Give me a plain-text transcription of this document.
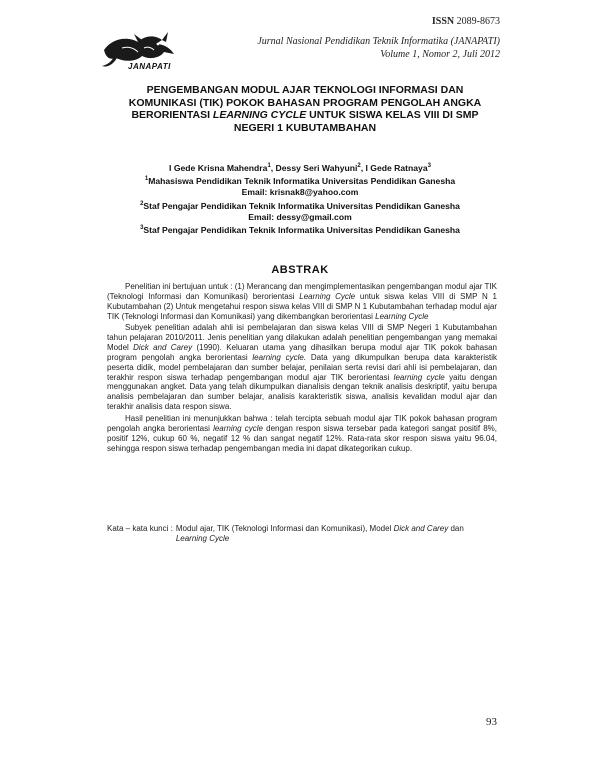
JANAPATI
ISSN 2089-8673
Jurnal Nasional Pendidikan Teknik Informatika (JANAPATI)
Volume 1, Nomor 2, Juli 2012
PENGEMBANGAN MODUL AJAR TEKNOLOGI INFORMASI DAN
KOMUNIKASI (TIK) POKOK BAHASAN PROGRAM PENGOLAH ANGKA
BERORIENTASI LEARNING CYCLE UNTUK SISWA KELAS VIII DI SMP
NEGERI 1 KUBUTAMBAHAN
I Gede Krisna Mahendra$^1$, Dessy Seri Wahyuni$^2$, I Gede Ratnaya$^3$
$^1$Mahasiswa Pendidikan Teknik Informatika Universitas Pendidikan Ganesha
Email: krisnak8@yahoo.com
$^2$Staf Pengajar Pendidikan Teknik Informatika Universitas Pendidikan Ganesha
Email: dessy@gmail.com
$^3$Staf Pengajar Pendidikan Teknik Informatika Universitas Pendidikan Ganesha
ABSTRAK

Penelitian ini bertujuan untuk : (1) Merancang dan mengimplementasikan pengembangan modul ajar TIK (Teknologi Informasi dan Komunikasi) berorientasi Learning Cycle untuk siswa kelas VIII di SMP N 1 Kubutambahan (2) Untuk mengetahui respon siswa kelas VIII di SMP N 1 Kubutambahan terhadap modul ajar TIK (Teknologi Informasi dan Komunikasi) yang dikembangkan berorientasi Learning Cycle

Subyek penelitian adalah ahli isi pembelajaran dan siswa kelas VIII di SMP Negeri 1 Kubutambahan tahun pelajaran 2010/2011. Jenis penelitian yang dilakukan adalah penelitian pengembangan yang memakai Model Dick and Carey (1990). Keluaran utama yang dihasilkan berupa modul ajar TIK pokok bahasan program pengolah angka berorientasi learning cycle. Data yang dikumpulkan berupa data karakteristik peserta didik, model pembelajaran dan sumber belajar, penilaian serta revisi dari ahli isi pembelajaran, dan terakhir respon siswa terhadap pengembangan modul ajar TIK berorientasi learning cycle yaitu dengan menggunakan angket. Data yang telah dikumpulkan dianalisis dengan teknik analisis deskriptif, yaitu berupa analisis pembelajaran dan sumber belajar, analisis karakteristik siswa, analisis kevalidan modul ajar dan terakhir analisis data respon siswa.

Hasil penelitian ini menunjukkan bahwa : telah tercipta sebuah modul ajar TIK pokok bahasan program pengolah angka berorientasi learning cycle dengan respon siswa tersebar pada kategori sangat positif 8%, positif 12%, cukup 60 %, negatif 12 % dan sangat negatif 12%. Rata-rata skor respon siswa yaitu 96.04, sehingga respon siswa terhadap pengembangan media ini dapat dikategorikan cukup.

Kata – kata kunci : Modul ajar, TIK (Teknologi Informasi dan Komunikasi), Model Dick and Carey dan Learning Cycle
93
